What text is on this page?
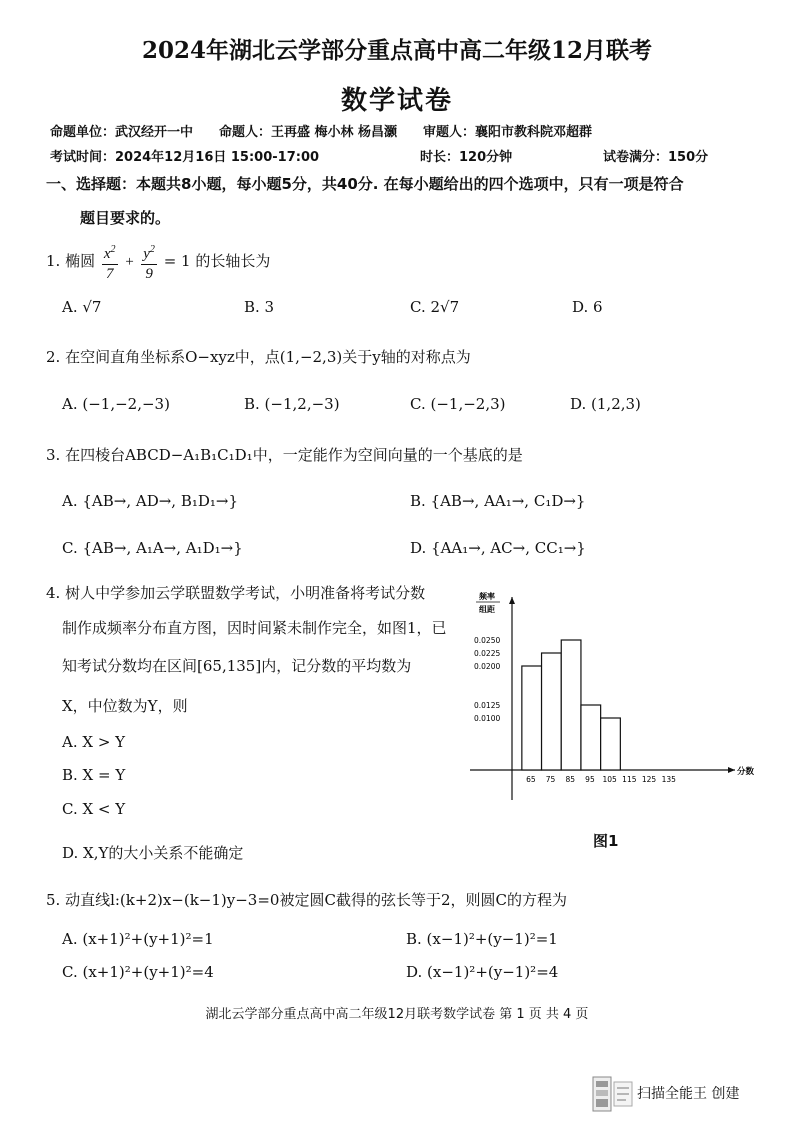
2024年湖北云学部分重点高中高二年级12月联考
数学试卷
命题单位：武汉经开一中　　命题人：王再盛 梅小林 杨昌灏　　审题人：襄阳市教科院邓超群
考试时间：2024年12月16日 15:00-17:00	时长：120分钟	试卷满分：150分
一、选择题：本题共8小题，每小题5分，共40分. 在每小题给出的四个选项中，只有一项是符合
题目要求的。
1. 椭圆 $\frac{x^2}{7} + \frac{y^2}{9} = 1$ 的长轴长为
A. √7	B. 3	C. 2√7	D. 6
2. 在空间直角坐标系O−xyz中，点(1,−2,3)关于y轴的对称点为
A. (−1,−2,−3)	B. (−1,2,−3)	C. (−1,−2,3)	D. (1,2,3)
3. 在四棱台ABCD−A₁B₁C₁D₁中，一定能作为空间向量的一个基底的是
A. {AB→, AD→, B₁D₁→}	B. {AB→, AA₁→, C₁D→}
C. {AB→, A₁A→, A₁D₁→}	D. {AA₁→, AC→, CC₁→}
4. 树人中学参加云学联盟数学考试，小明准备将考试分数
制作成频率分布直方图，因时间紧未制作完全，如图1，已
知考试分数均在区间[65,135]内，记分数的平均数为
X，中位数为Y，则
A. X > Y
B. X = Y
C. X < Y
D. X,Y的大小关系不能确定
频率
组距
0.0250
0.0225
0.0200
0.0125
0.0100
65 75 85 95 105 115 125 135
分数
图1
5. 动直线l:(k+2)x−(k−1)y−3=0被定圆C截得的弦长等于2，则圆C的方程为
A. (x+1)²+(y+1)²=1	B. (x−1)²+(y−1)²=1
C. (x+1)²+(y+1)²=4	D. (x−1)²+(y−1)²=4
湖北云学部分重点高中高二年级12月联考数学试卷 第 1 页 共 4 页
扫描全能王 创建
